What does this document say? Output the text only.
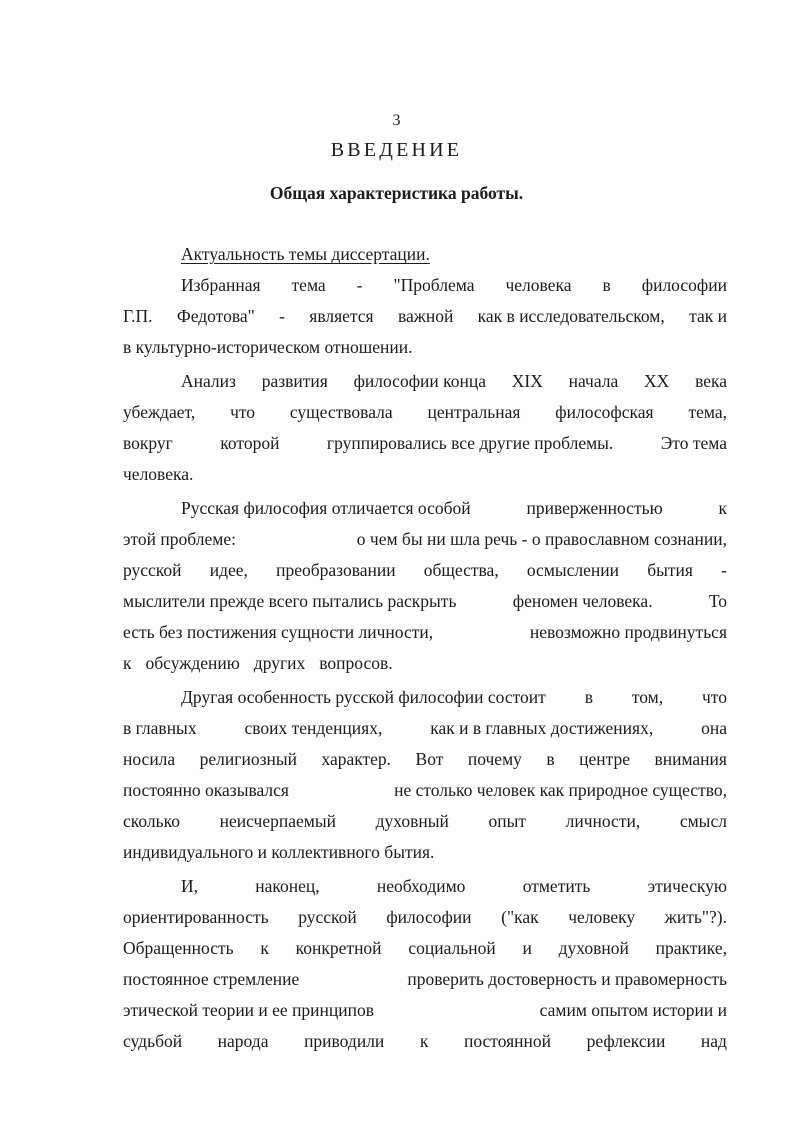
3
ВВЕДЕНИЕ
Общая характеристика работы.
Актуальность темы диссертации.
Избранная тема - "Проблема человека в философии
Г.П. Федотова" - является важной как в исследовательском, так и
в культурно-историческом отношении.
Анализ развития философии конца XIX начала XX века
убеждает, что существовала центральная философская тема,
вокруг	которой	группировались все другие проблемы.	Это тема
человека.
Русская философия отличается особой	приверженностью	к
этой проблеме:	о чем бы ни шла речь - о православном сознании,
русской идее, преобразовании общества, осмыслении бытия -
мыслители прежде всего пытались раскрыть	феномен человека.	То
есть без постижения сущности личности,	невозможно продвинуться
к обсуждению других вопросов.
Другая особенность русской философии состоит в том, что
в главных	своих тенденциях,	как и в главных достижениях,	она
носила религиозный характер. Вот почему в центре внимания
постоянно оказывался	не столько человек как природное существо,
сколько неисчерпаемый духовный опыт личности, смысл
индивидуального и коллективного бытия.
И,	наконец,	необходимо	отметить	этическую
ориентированность русской философии ("как человеку жить"?).
Обращенность к конкретной социальной и духовной практике,
постоянное стремление	проверить достоверность и правомерность
этической теории и ее принципов	самим опытом истории и
судьбой народа приводили к постоянной рефлексии над
